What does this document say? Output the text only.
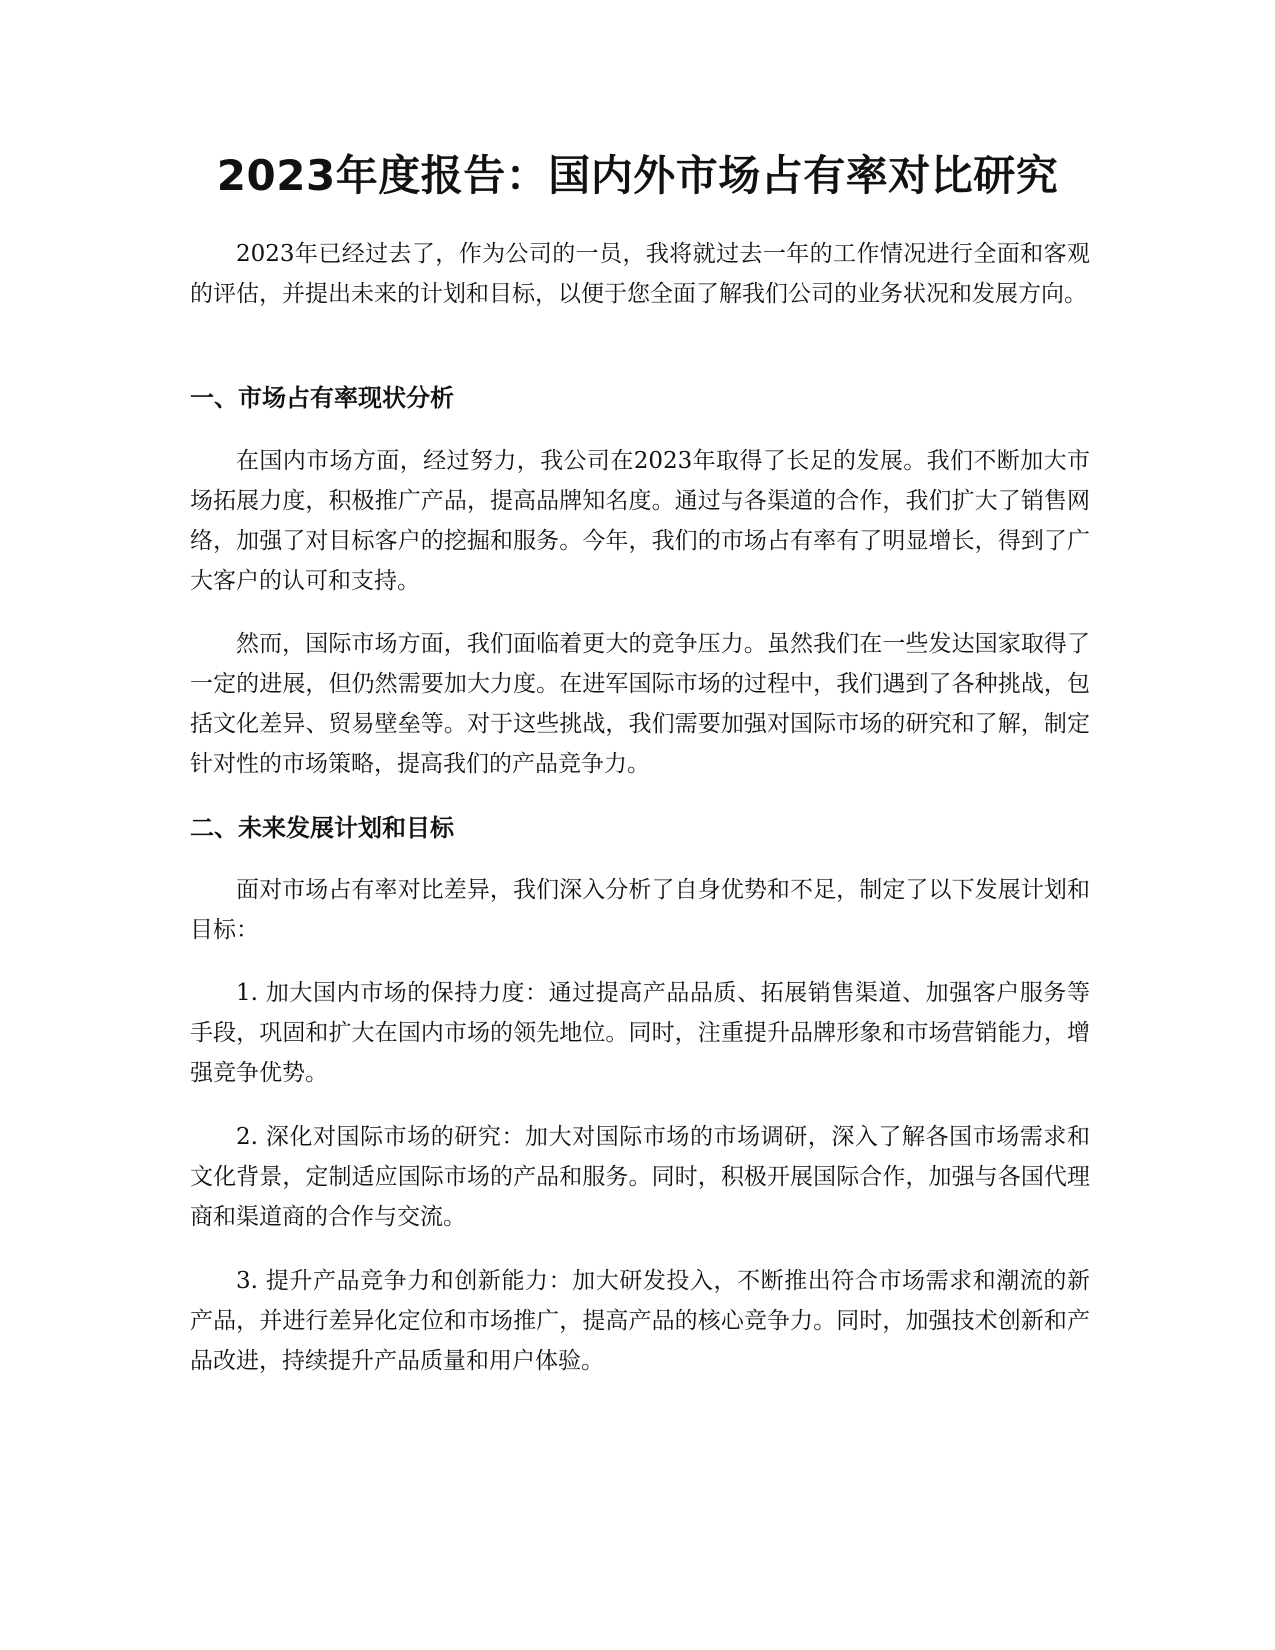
2023年度报告：国内外市场占有率对比研究

2023年已经过去了，作为公司的一员，我将就过去一年的工作情况进行全面和客观的评估，并提出未来的计划和目标，以便于您全面了解我们公司的业务状况和发展方向。

一、市场占有率现状分析

在国内市场方面，经过努力，我公司在2023年取得了长足的发展。我们不断加大市场拓展力度，积极推广产品，提高品牌知名度。通过与各渠道的合作，我们扩大了销售网络，加强了对目标客户的挖掘和服务。今年，我们的市场占有率有了明显增长，得到了广大客户的认可和支持。

然而，国际市场方面，我们面临着更大的竞争压力。虽然我们在一些发达国家取得了一定的进展，但仍然需要加大力度。在进军国际市场的过程中，我们遇到了各种挑战，包括文化差异、贸易壁垒等。对于这些挑战，我们需要加强对国际市场的研究和了解，制定针对性的市场策略，提高我们的产品竞争力。

二、未来发展计划和目标

面对市场占有率对比差异，我们深入分析了自身优势和不足，制定了以下发展计划和目标：

1. 加大国内市场的保持力度：通过提高产品品质、拓展销售渠道、加强客户服务等手段，巩固和扩大在国内市场的领先地位。同时，注重提升品牌形象和市场营销能力，增强竞争优势。

2. 深化对国际市场的研究：加大对国际市场的市场调研，深入了解各国市场需求和文化背景，定制适应国际市场的产品和服务。同时，积极开展国际合作，加强与各国代理商和渠道商的合作与交流。

3. 提升产品竞争力和创新能力：加大研发投入，不断推出符合市场需求和潮流的新产品，并进行差异化定位和市场推广，提高产品的核心竞争力。同时，加强技术创新和产品改进，持续提升产品质量和用户体验。
